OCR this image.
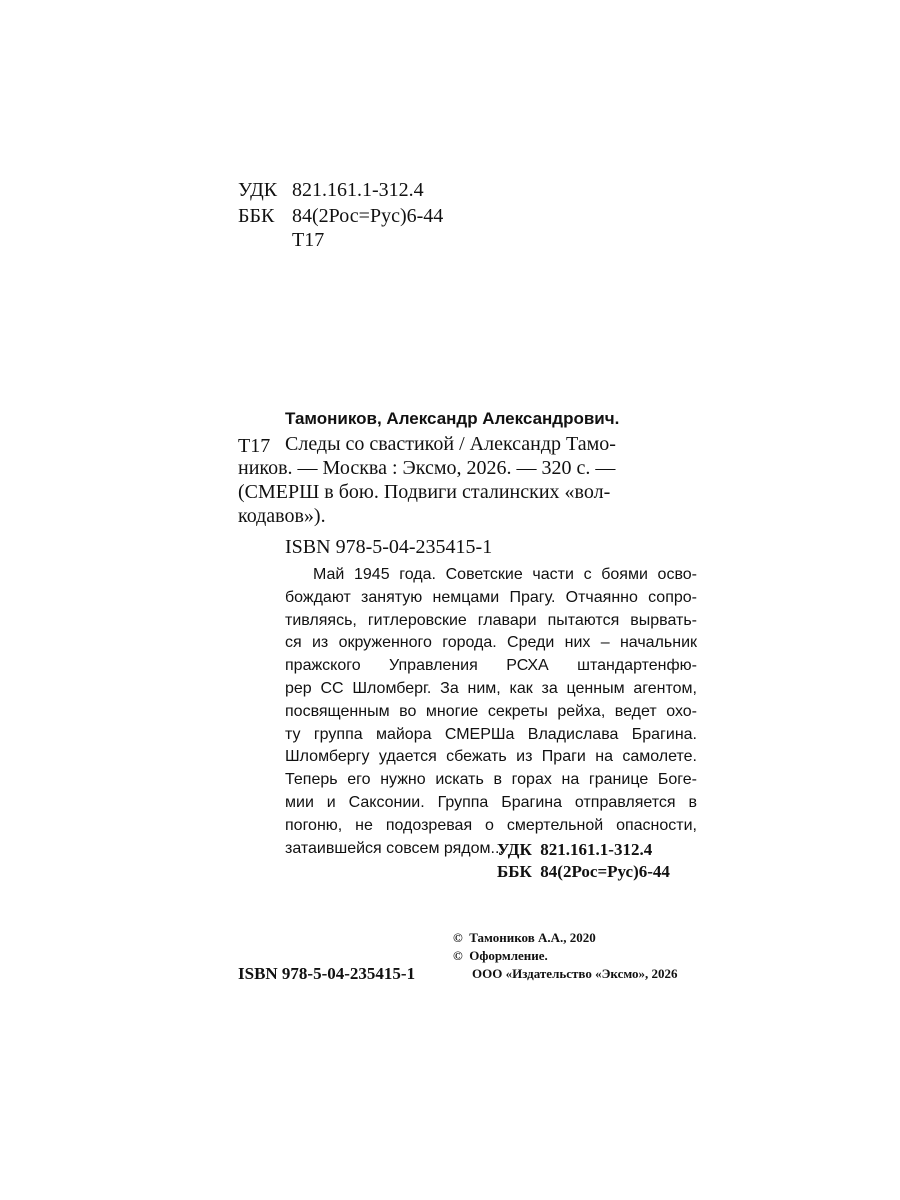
УДК 821.161.1-312.4
ББК 84(2Рос=Рус)6-44
Т17
Тамоников, Александр Александрович.
Т17 Следы со свастикой / Александр Тамо-
ников. — Москва : Эксмо, 2026. — 320 с. —
(СМЕРШ в бою. Подвиги сталинских «вол-
кодавов»).
ISBN 978-5-04-235415-1
Май 1945 года. Советские части с боями осво-
бождают занятую немцами Прагу. Отчаянно сопро-
тивляясь, гитлеровские главари пытаются вырвать-
ся из окруженного города. Среди них – начальник
пражского Управления РСХА штандартенфю-
рер СС Шломберг. За ним, как за ценным агентом,
посвященным во многие секреты рейха, ведет охо-
ту группа майора СМЕРШа Владислава Брагина.
Шломбергу удается сбежать из Праги на самолете.
Теперь его нужно искать в горах на границе Боге-
мии и Саксонии. Группа Брагина отправляется в
погоню, не подозревая о смертельной опасности,
затаившейся совсем рядом...
УДК  821.161.1-312.4
ББК  84(2Рос=Рус)6-44
©  Тамоников А.А., 2020
©  Оформление.
ООО «Издательство «Эксмо», 2026
ISBN 978-5-04-235415-1
